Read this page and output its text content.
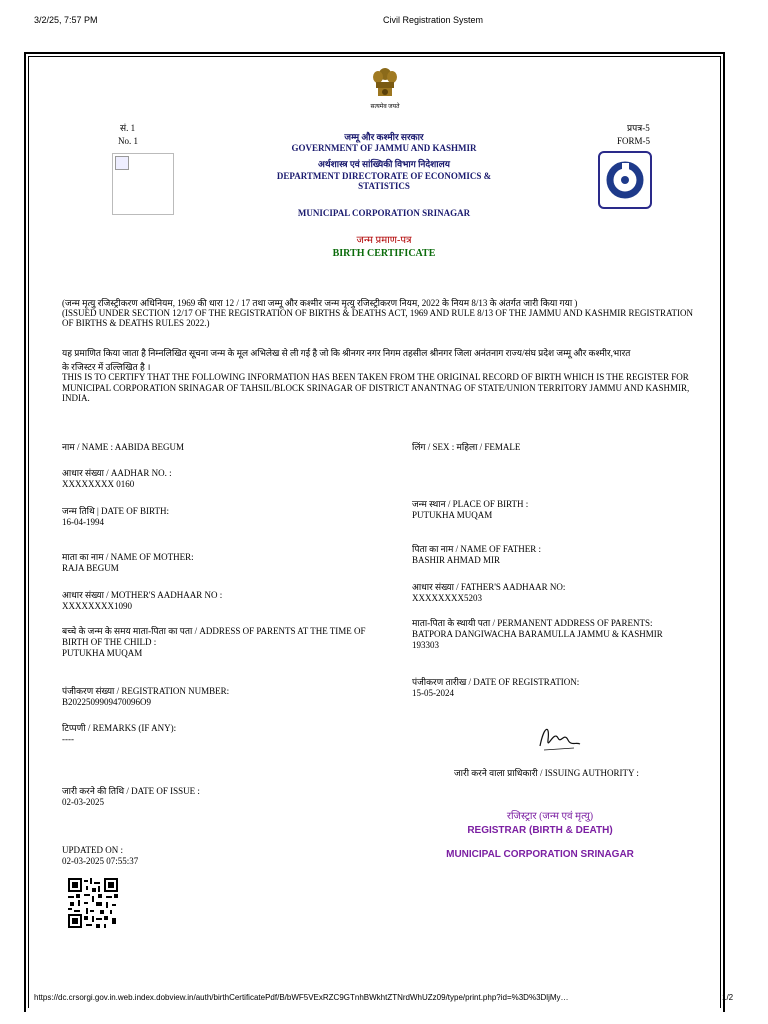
3/2/25, 7:57 PM	Civil Registration System
सत्यमेव जयते
सं. 1
No. 1
प्रपत्र-5
FORM-5
जम्मू और कश्मीर सरकार
GOVERNMENT OF JAMMU AND KASHMIR
अर्थशास्त्र एवं सांख्यिकी विभाग निदेशालय
DEPARTMENT DIRECTORATE OF ECONOMICS &
STATISTICS
MUNICIPAL CORPORATION SRINAGAR
जन्म प्रमाण-पत्र
BIRTH CERTIFICATE
(जन्म मृत्यु रजिस्ट्रीकरण अधिनियम, 1969 की धारा 12 / 17 तथा जम्मू और कश्मीर जन्म मृत्यु रजिस्ट्रीकरण नियम, 2022 के नियम 8/13 के अंतर्गत जारी किया गया )
(ISSUED UNDER SECTION 12/17 OF THE REGISTRATION OF BIRTHS & DEATHS ACT, 1969 AND RULE 8/13 OF THE JAMMU AND KASHMIR REGISTRATION
OF BIRTHS & DEATHS RULES 2022.)
यह प्रमाणित किया जाता है निम्नलिखित सूचना जन्म के मूल अभिलेख से ली गई है जो कि श्रीनगर नगर निगम तहसील श्रीनगर जिला अनंतनाग राज्य/संघ प्रदेश जम्मू और कश्मीर,भारत
के रजिस्टर में उल्लिखित है ।
THIS IS TO CERTIFY THAT THE FOLLOWING INFORMATION HAS BEEN TAKEN FROM THE ORIGINAL RECORD OF BIRTH WHICH IS THE REGISTER FOR
MUNICIPAL CORPORATION SRINAGAR OF TAHSIL/BLOCK SRINAGAR OF DISTRICT ANANTNAG OF STATE/UNION TERRITORY JAMMU AND KASHMIR,
INDIA.
नाम / NAME : AABIDA BEGUM
आधार संख्या / AADHAR NO. :
XXXXXXXX 0160
जन्म तिथि | DATE OF BIRTH:
16-04-1994
माता का नाम / NAME OF MOTHER:
RAJA BEGUM
आधार संख्या / MOTHER'S AADHAAR NO :
XXXXXXXX1090
बच्चे के जन्म के समय माता-पिता का पता / ADDRESS OF PARENTS AT THE TIME OF
BIRTH OF THE CHILD :
PUTUKHA MUQAM
पंजीकरण संख्या / REGISTRATION NUMBER:
B2022509909470096O9
टिप्पणी / REMARKS (IF ANY):
----
जारी करने की तिथि / DATE OF ISSUE :
02-03-2025
UPDATED ON :
02-03-2025 07:55:37
लिंग / SEX : महिला / FEMALE
जन्म स्थान / PLACE OF BIRTH :
PUTUKHA MUQAM
पिता का नाम / NAME OF FATHER :
BASHIR AHMAD MIR
आधार संख्या / FATHER'S AADHAAR NO:
XXXXXXXX5203
माता-पिता के स्थायी पता / PERMANENT ADDRESS OF PARENTS:
BATPORA DANGIWACHA BARAMULLA JAMMU & KASHMIR
193303
पंजीकरण तारीख / DATE OF REGISTRATION:
15-05-2024
जारी करने वाला प्राधिकारी / ISSUING AUTHORITY :
रजिस्ट्रार (जन्म एवं मृत्यु)
REGISTRAR (BIRTH & DEATH)
MUNICIPAL CORPORATION SRINAGAR
https://dc.crsorgi.gov.in.web.index.dobview.in/auth/birthCertificatePdf/B/bWF5VExRZC9GTnhBWkhtZTNrdWhUZz09/type/print.php?id=%3D%3DljMy…	1/2
